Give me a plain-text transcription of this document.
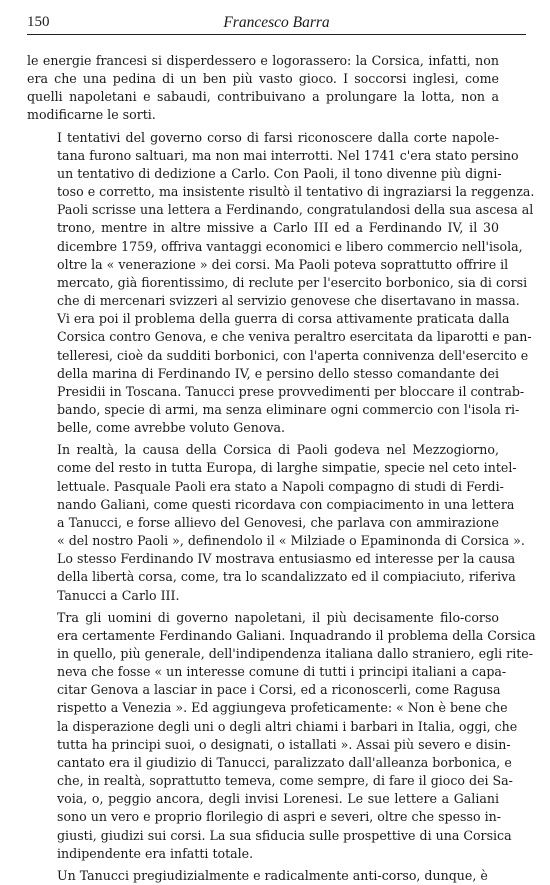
150	Francesco Barra

le energie francesi si disperdessero e logorassero: la Corsica, infatti, non
era che una pedina di un ben più vasto gioco. I soccorsi inglesi, come
quelli napoletani e sabaudi, contribuivano a prolungare la lotta, non a
modificarne le sorti.

I tentativi del governo corso di farsi riconoscere dalla corte napole-
tana furono saltuari, ma non mai interrotti. Nel 1741 c'era stato persino
un tentativo di dedizione a Carlo. Con Paoli, il tono divenne più digni-
toso e corretto, ma insistente risultò il tentativo di ingraziarsi la reggenza.
Paoli scrisse una lettera a Ferdinando, congratulandosi della sua ascesa al
trono, mentre in altre missive a Carlo III ed a Ferdinando IV, il 30
dicembre 1759, offriva vantaggi economici e libero commercio nell'isola,
oltre la « venerazione » dei corsi. Ma Paoli poteva soprattutto offrire il
mercato, già fiorentissimo, di reclute per l'esercito borbonico, sia di corsi
che di mercenari svizzeri al servizio genovese che disertavano in massa.
Vi era poi il problema della guerra di corsa attivamente praticata dalla
Corsica contro Genova, e che veniva peraltro esercitata da liparotti e pan-
telleresi, cioè da sudditi borbonici, con l'aperta connivenza dell'esercito e
della marina di Ferdinando IV, e persino dello stesso comandante dei
Presidii in Toscana. Tanucci prese provvedimenti per bloccare il contrab-
bando, specie di armi, ma senza eliminare ogni commercio con l'isola ri-
belle, come avrebbe voluto Genova.

In realtà, la causa della Corsica di Paoli godeva nel Mezzogiorno,
come del resto in tutta Europa, di larghe simpatie, specie nel ceto intel-
lettuale. Pasquale Paoli era stato a Napoli compagno di studi di Ferdi-
nando Galiani, come questi ricordava con compiacimento in una lettera
a Tanucci, e forse allievo del Genovesi, che parlava con ammirazione
« del nostro Paoli », definendolo il « Milziade o Epaminonda di Corsica ».
Lo stesso Ferdinando IV mostrava entusiasmo ed interesse per la causa
della libertà corsa, come, tra lo scandalizzato ed il compiaciuto, riferiva
Tanucci a Carlo III.

Tra gli uomini di governo napoletani, il più decisamente filo-corso
era certamente Ferdinando Galiani. Inquadrando il problema della Corsica
in quello, più generale, dell'indipendenza italiana dallo straniero, egli rite-
neva che fosse « un interesse comune di tutti i principi italiani a capa-
citar Genova a lasciar in pace i Corsi, ed a riconoscerli, come Ragusa
rispetto a Venezia ». Ed aggiungeva profeticamente: « Non è bene che
la disperazione degli uni o degli altri chiami i barbari in Italia, oggi, che
tutta ha principi suoi, o designati, o istallati ». Assai più severo e disin-
cantato era il giudizio di Tanucci, paralizzato dall'alleanza borbonica, e
che, in realtà, soprattutto temeva, come sempre, di fare il gioco dei Sa-
voia, o, peggio ancora, degli invisi Lorenesi. Le sue lettere a Galiani
sono un vero e proprio florilegio di aspri e severi, oltre che spesso in-
giusti, giudizi sui corsi. La sua sfiducia sulle prospettive di una Corsica
indipendente era infatti totale.

Un Tanucci pregiudizialmente e radicalmente anti-corso, dunque, è
